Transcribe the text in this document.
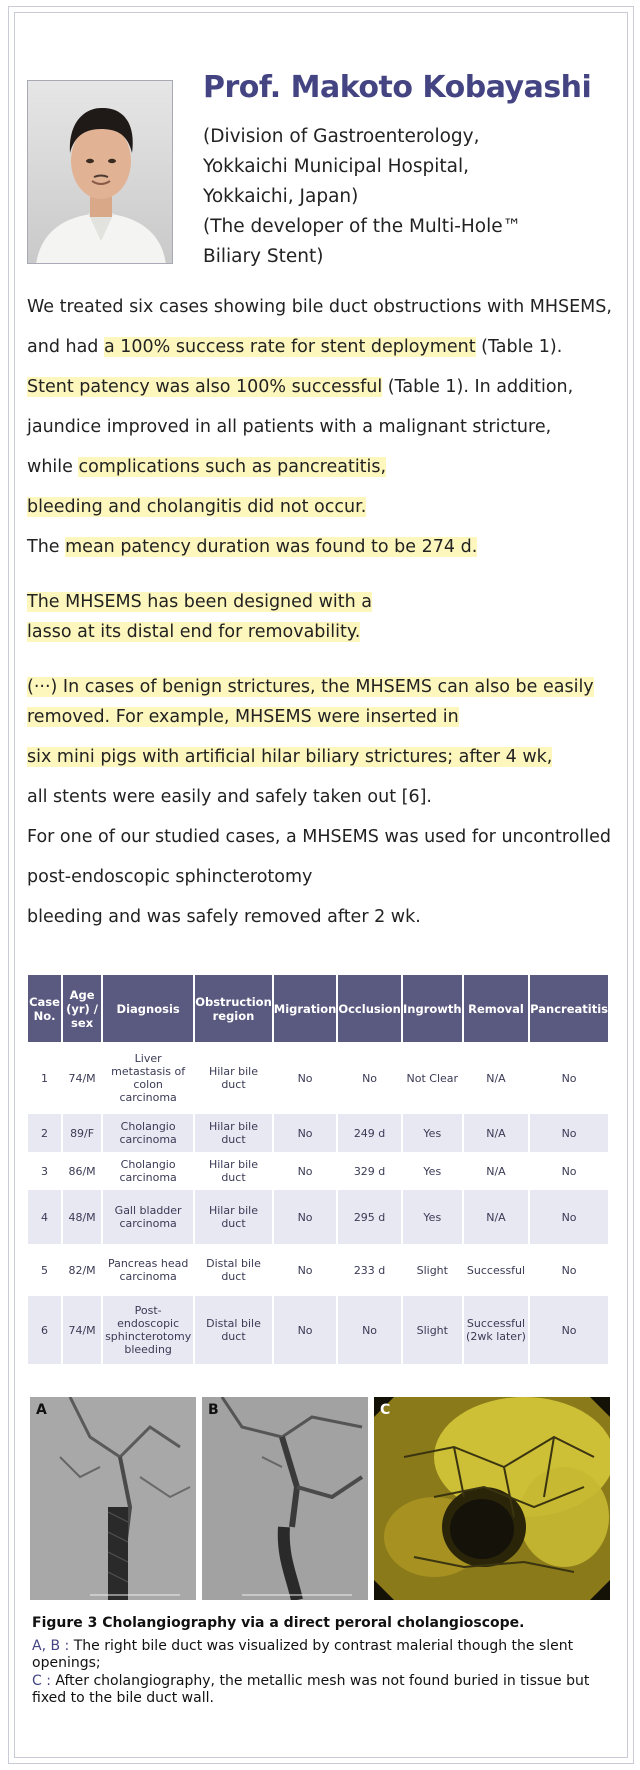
Prof. Makoto Kobayashi
(Division of Gastroenterology,
Yokkaichi Municipal Hospital,
Yokkaichi, Japan)
(The developer of the Multi-Hole™
Biliary Stent)
We treated six cases showing bile duct obstructions with MHSEMS,
and had a 100% success rate for stent deployment (Table 1).
Stent patency was also 100% successful (Table 1). In addition,
jaundice improved in all patients with a malignant stricture,
while complications such as pancreatitis,
bleeding and cholangitis did not occur.
The mean patency duration was found to be 274 d.
The MHSEMS has been designed with a
lasso at its distal end for removability.
(···) In cases of benign strictures, the MHSEMS can also be easily
removed. For example, MHSEMS were inserted in
six mini pigs with artificial hilar biliary strictures; after 4 wk,
all stents were easily and safely taken out [6].
For one of our studied cases, a MHSEMS was used for uncontrolled
post-endoscopic sphincterotomy
bleeding and was safely removed after 2 wk.
Case No.	Age (yr) / sex	Diagnosis	Obstruction region	Migration	Occlusion	Ingrowth	Removal	Pancreatitis
1	74/M	Liver metastasis of colon carcinoma	Hilar bile duct	No	No	Not Clear	N/A	No
2	89/F	Cholangio carcinoma	Hilar bile duct	No	249 d	Yes	N/A	No
3	86/M	Cholangio carcinoma	Hilar bile duct	No	329 d	Yes	N/A	No
4	48/M	Gall bladder carcinoma	Hilar bile duct	No	295 d	Yes	N/A	No
5	82/M	Pancreas head carcinoma	Distal bile duct	No	233 d	Slight	Successful	No
6	74/M	Post-endoscopic sphincterotomy bleeding	Distal bile duct	No	No	Slight	Successful (2wk later)	No
A	B	C
Figure 3 Cholangiography via a direct peroral cholangioscope.
A, B : The right bile duct was visualized by contrast malerial though the slent openings;
C : After cholangiography, the metallic mesh was not found buried in tissue but fixed to the bile duct wall.
